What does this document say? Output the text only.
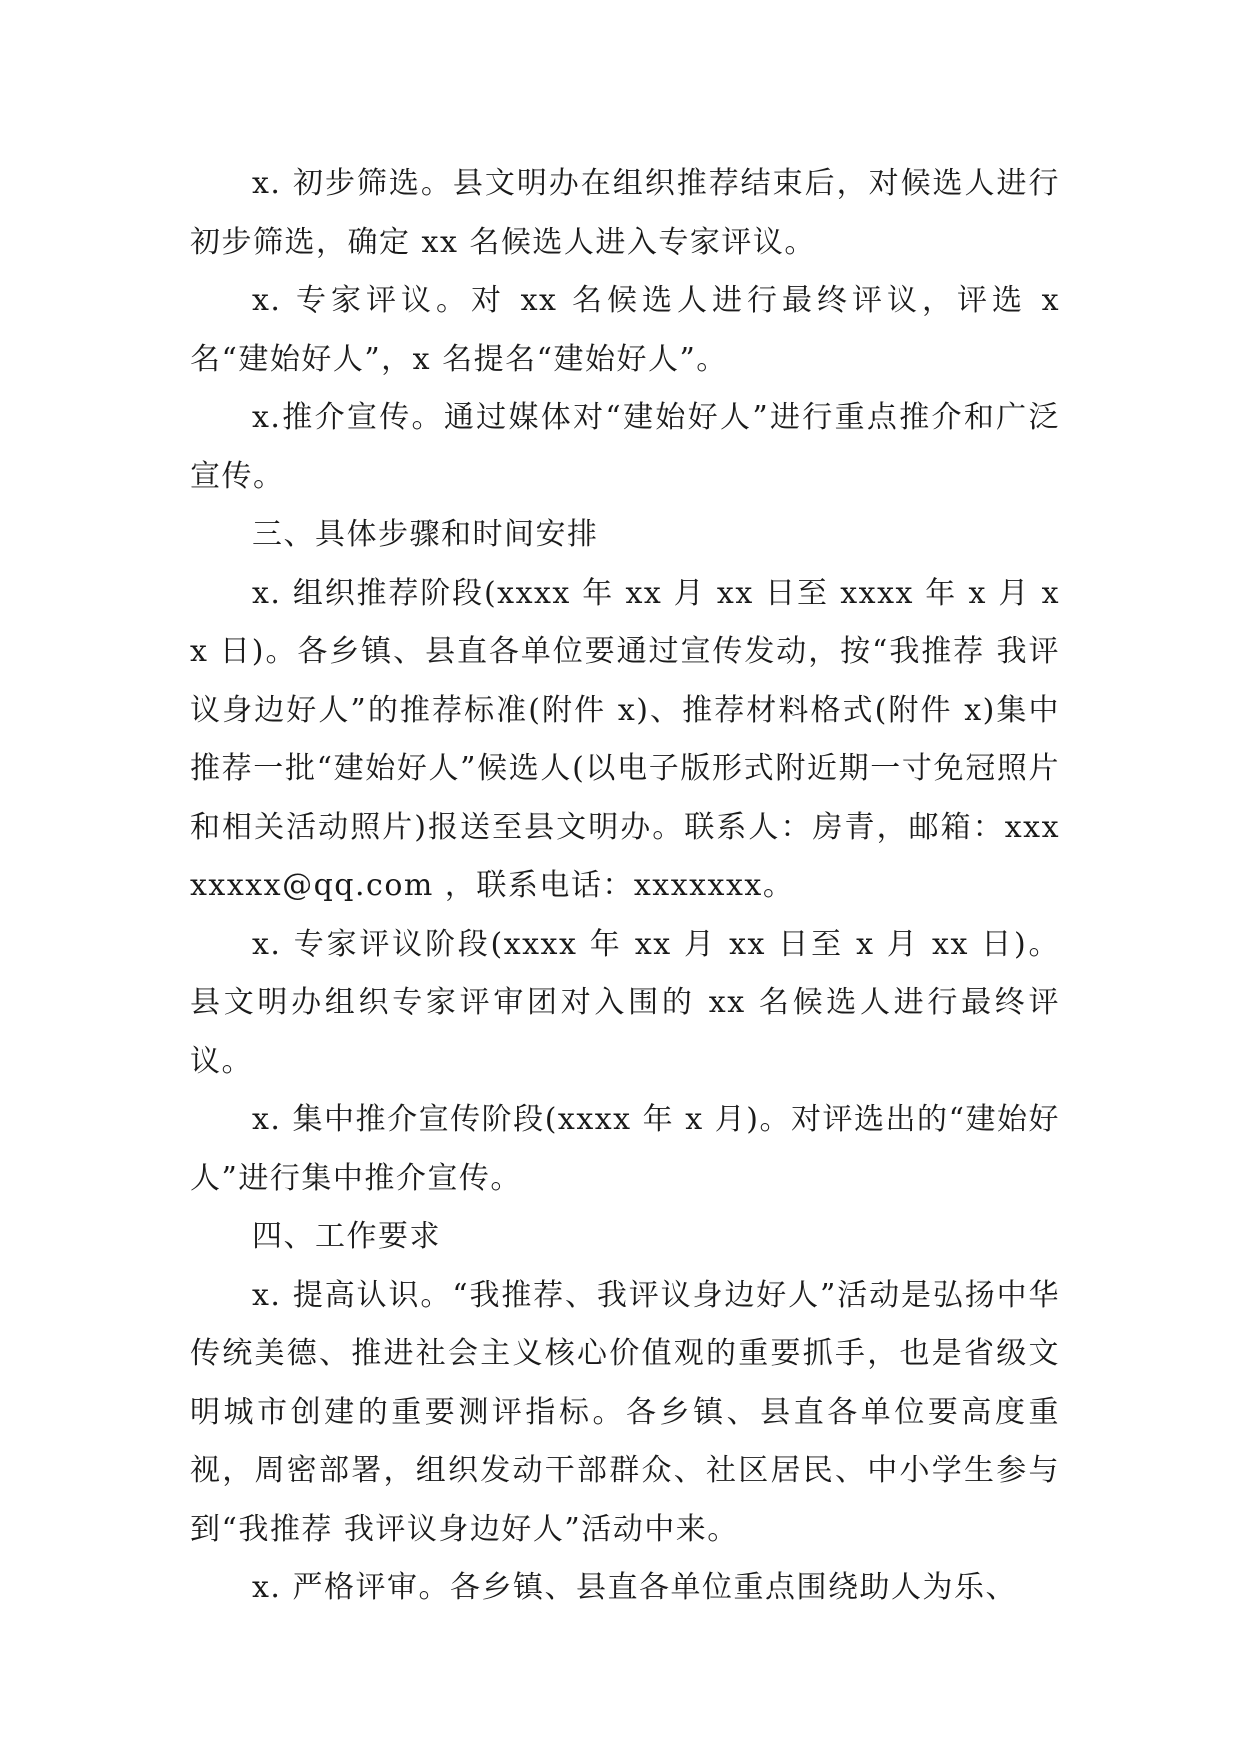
x. 初步筛选。县文明办在组织推荐结束后，对候选人进行初步筛选，确定 xx 名候选人进入专家评议。

x. 专家评议。对 xx 名候选人进行最终评议，评选 x 名“建始好人”，x 名提名“建始好人”。

x.推介宣传。通过媒体对“建始好人”进行重点推介和广泛宣传。

三、具体步骤和时间安排

x. 组织推荐阶段(xxxx 年 xx 月 xx 日至 xxxx 年 x 月 xx 日)。各乡镇、县直各单位要通过宣传发动，按“我推荐 我评议身边好人”的推荐标准(附件 x)、推荐材料格式(附件 x)集中推荐一批“建始好人”候选人(以电子版形式附近期一寸免冠照片和相关活动照片)报送至县文明办。联系人：房青，邮箱：xxxxxxxx@qq.com ，联系电话：xxxxxxx。

x. 专家评议阶段(xxxx 年 xx 月 xx 日至 x 月 xx 日)。县文明办组织专家评审团对入围的 xx 名候选人进行最终评议。

x. 集中推介宣传阶段(xxxx 年 x 月)。对评选出的“建始好人”进行集中推介宣传。

四、工作要求

x. 提高认识。“我推荐、我评议身边好人”活动是弘扬中华传统美德、推进社会主义核心价值观的重要抓手，也是省级文明城市创建的重要测评指标。各乡镇、县直各单位要高度重视，周密部署，组织发动干部群众、社区居民、中小学生参与到“我推荐 我评议身边好人”活动中来。

x. 严格评审。各乡镇、县直各单位重点围绕助人为乐、
